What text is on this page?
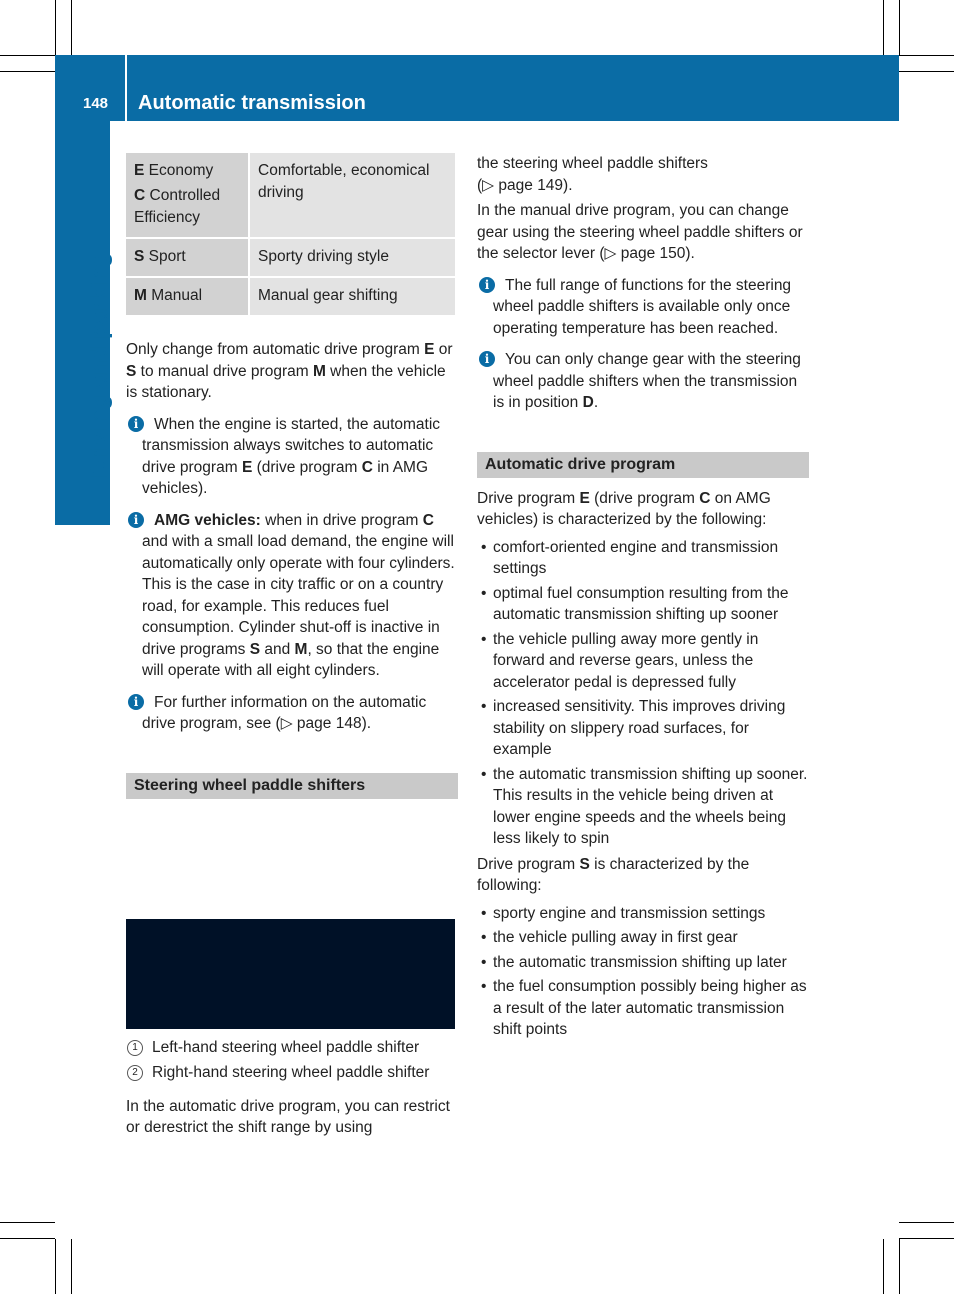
148 Automatic transmission
Driving and parking
E Economy
C Controlled Efficiency	Comfortable, economical driving
S Sport	Sporty driving style
M Manual	Manual gear shifting

Only change from automatic drive program E or S to manual drive program M when the vehicle is stationary.

i	When the engine is started, the automatic transmission always switches to automatic drive program E (drive program C in AMG vehicles).
i	AMG vehicles: when in drive program C and with a small load demand, the engine will automatically only operate with four cylinders. This is the case in city traffic or on a country road, for example. This reduces fuel consumption. Cylinder shut-off is inactive in drive programs S and M, so that the engine will operate with all eight cylinders.
i	For further information on the automatic drive program, see (▷ page 148).
Steering wheel paddle shifters
1 Left-hand steering wheel paddle shifter
2 Right-hand steering wheel paddle shifter

In the automatic drive program, you can restrict or derestrict the shift range by using

the steering wheel paddle shifters
(▷ page 149).

In the manual drive program, you can change gear using the steering wheel paddle shifters or the selector lever (▷ page 150).

i	The full range of functions for the steering wheel paddle shifters is available only once operating temperature has been reached.
i	You can only change gear with the steering wheel paddle shifters when the transmission is in position D.
Automatic drive program

Drive program E (drive program C on AMG vehicles) is characterized by the following:

• comfort-oriented engine and transmission settings
• optimal fuel consumption resulting from the automatic transmission shifting up sooner
• the vehicle pulling away more gently in forward and reverse gears, unless the accelerator pedal is depressed fully
• increased sensitivity. This improves driving stability on slippery road surfaces, for example
• the automatic transmission shifting up sooner. This results in the vehicle being driven at lower engine speeds and the wheels being less likely to spin

Drive program S is characterized by the following:

• sporty engine and transmission settings
• the vehicle pulling away in first gear
• the automatic transmission shifting up later
• the fuel consumption possibly being higher as a result of the later automatic transmission shift points
